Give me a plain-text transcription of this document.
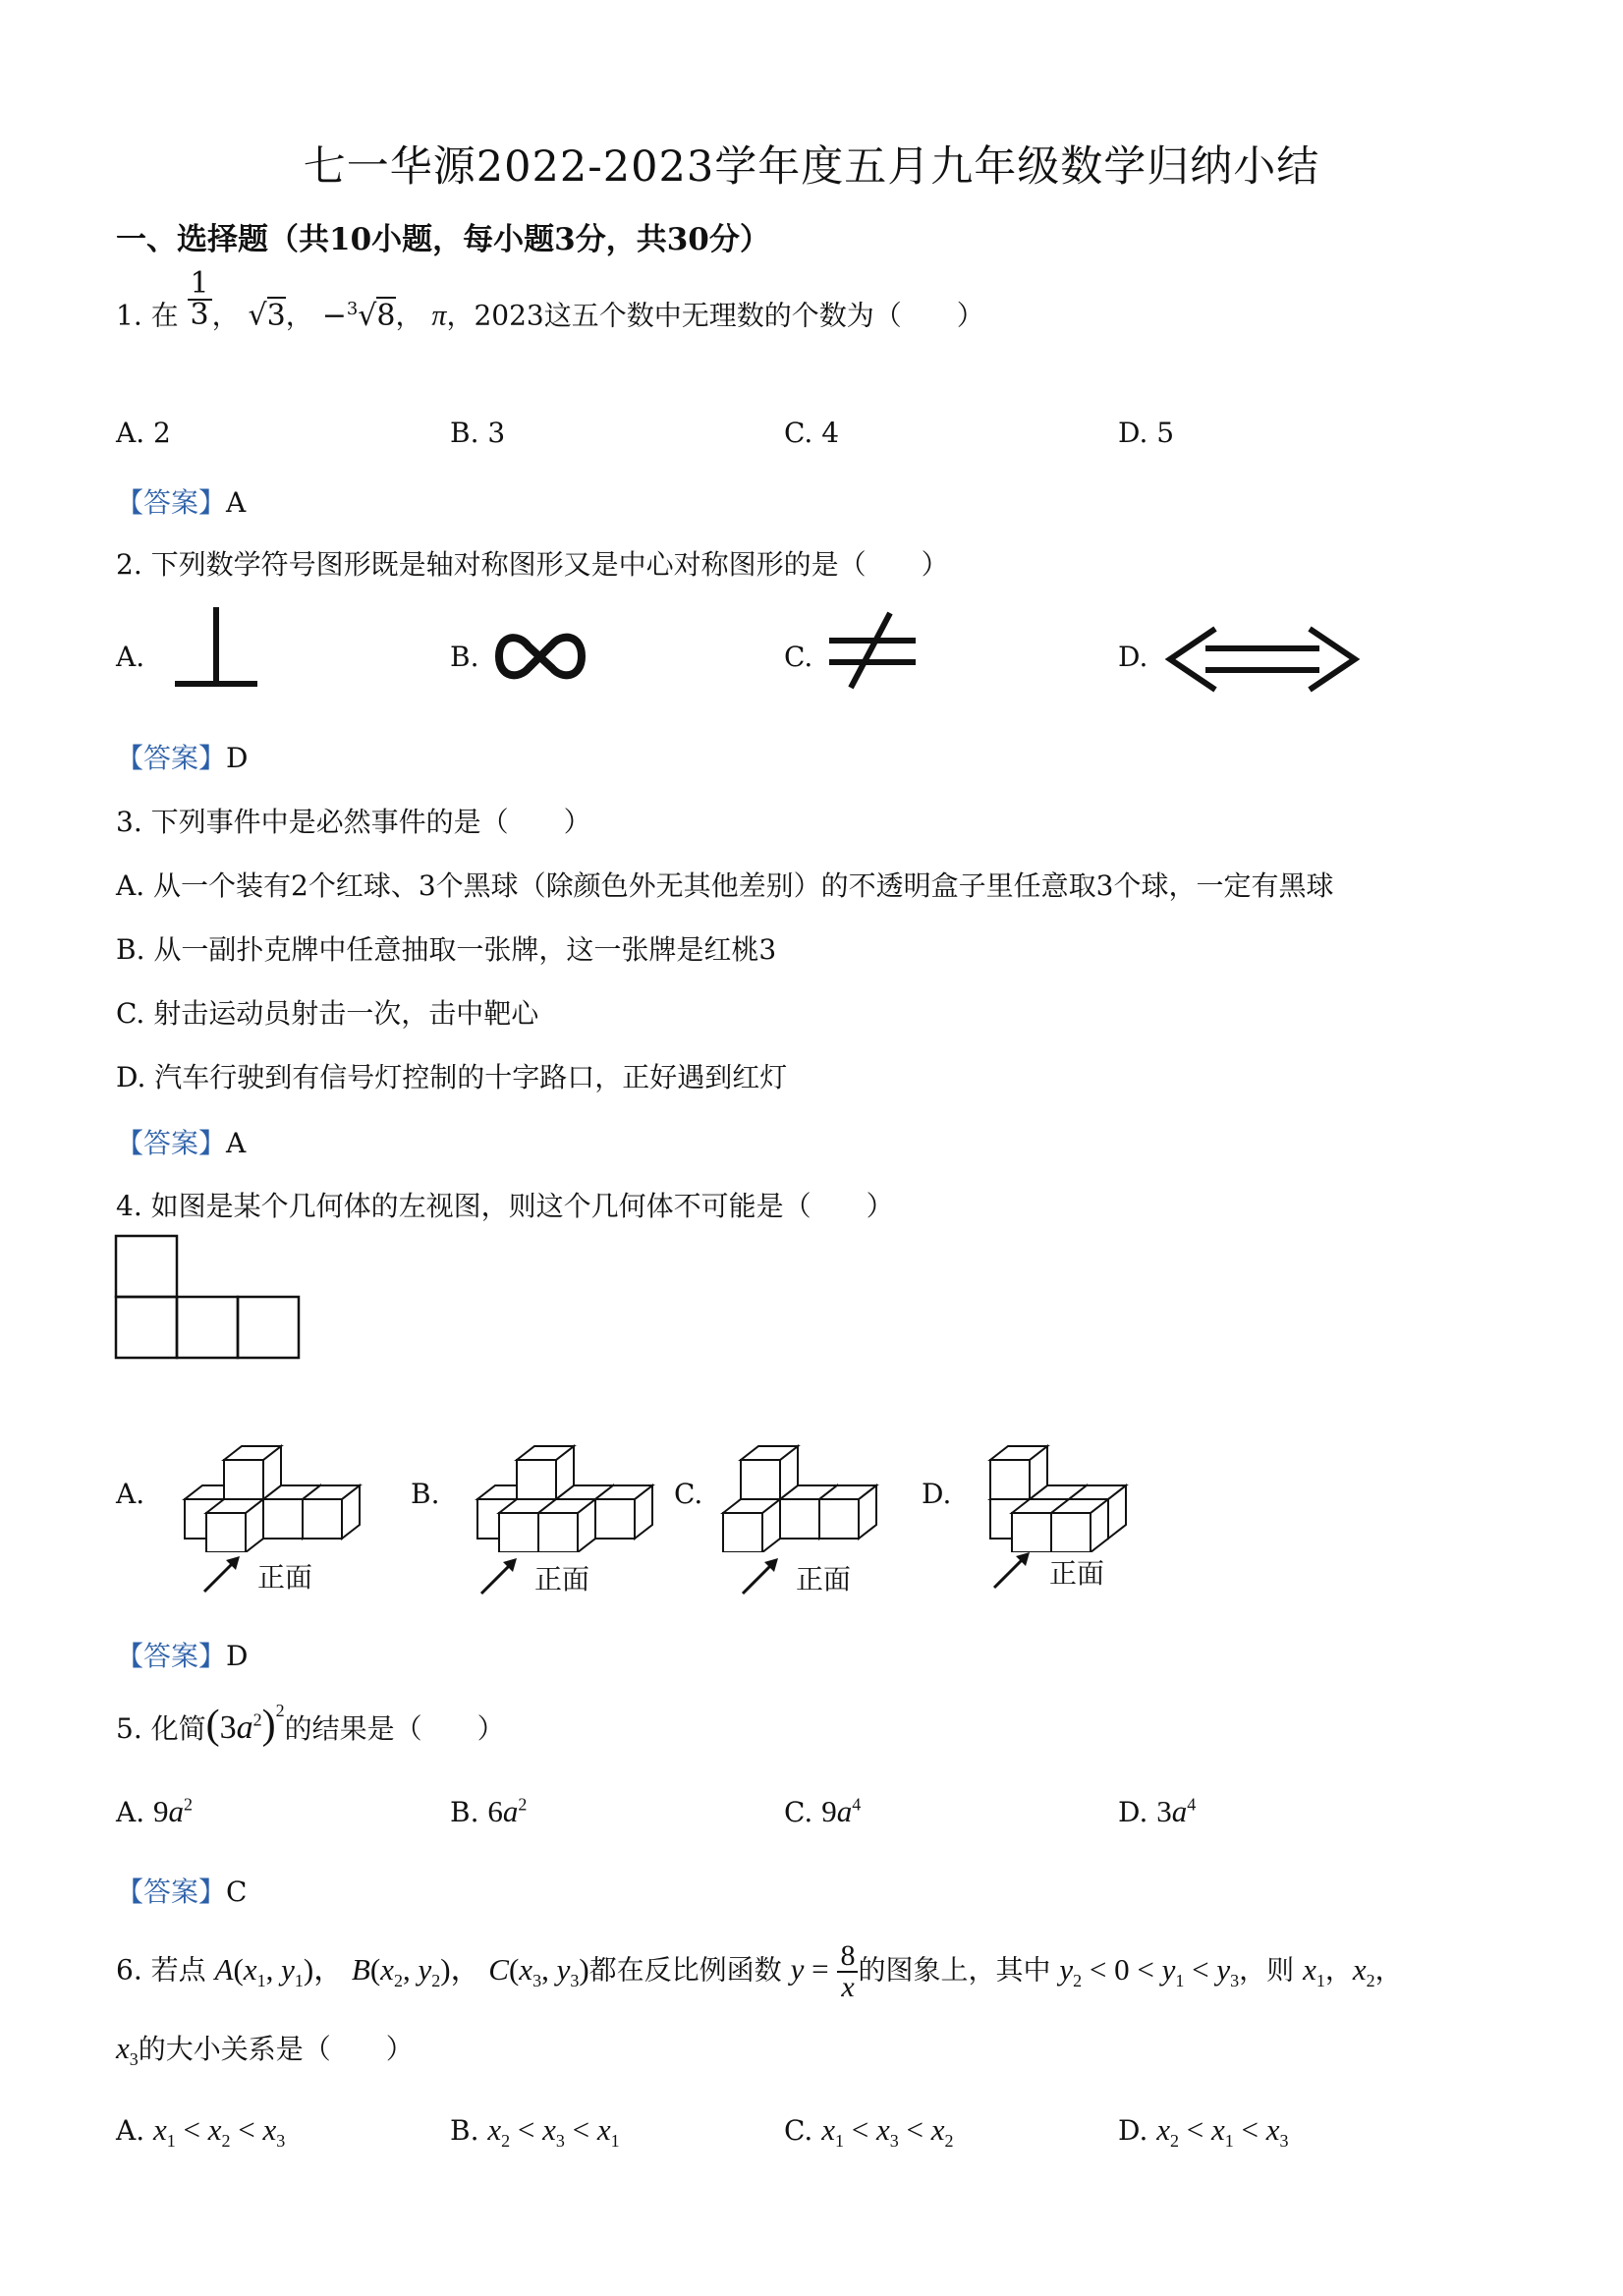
七一华源2022-2023学年度五月九年级数学归纳小结
一、选择题（共10小题，每小题3分，共30分）
1. 在 $\frac{1}{3}$ ， √3， −$^3$√8， π，2023这五个数中无理数的个数为（　　）
A. 2	B. 3	C. 4	D. 5
【答案】A
2. 下列数学符号图形既是轴对称图形又是中心对称图形的是（　　）
A.	B.	C.	D.
【答案】D
3. 下列事件中是必然事件的是（　　）
A. 从一个装有2个红球、3个黑球（除颜色外无其他差别）的不透明盒子里任意取3个球，一定有黑球
B. 从一副扑克牌中任意抽取一张牌，这一张牌是红桃3
C. 射击运动员射击一次，击中靶心
D. 汽车行驶到有信号灯控制的十字路口，正好遇到红灯
【答案】A
4. 如图是某个几何体的左视图，则这个几何体不可能是（　　）
A.	B.	C.	D.
正面	正面	正面	正面
【答案】D
5. 化简$(3a^2)^2$的结果是（　　）
A. $9a^2$	B. $6a^2$	C. $9a^4$	D. $3a^4$
【答案】C
6. 若点 $A(x_1$, $y_1$)， $B(x_2$, $y_2$)， $C(x_3$, $y_3$)都在反比例函数 $y = \frac{8}{x}$ 的图象上，其中 $y_2 < 0 < y_1 < y_3$，则 $x_1$，$x_2$，
$x_3$的大小关系是（　　）
A. $x_1 < x_2 < x_3$	B. $x_2 < x_3 < x_1$	C. $x_1 < x_3 < x_2$	D. $x_2 < x_1 < x_3$
